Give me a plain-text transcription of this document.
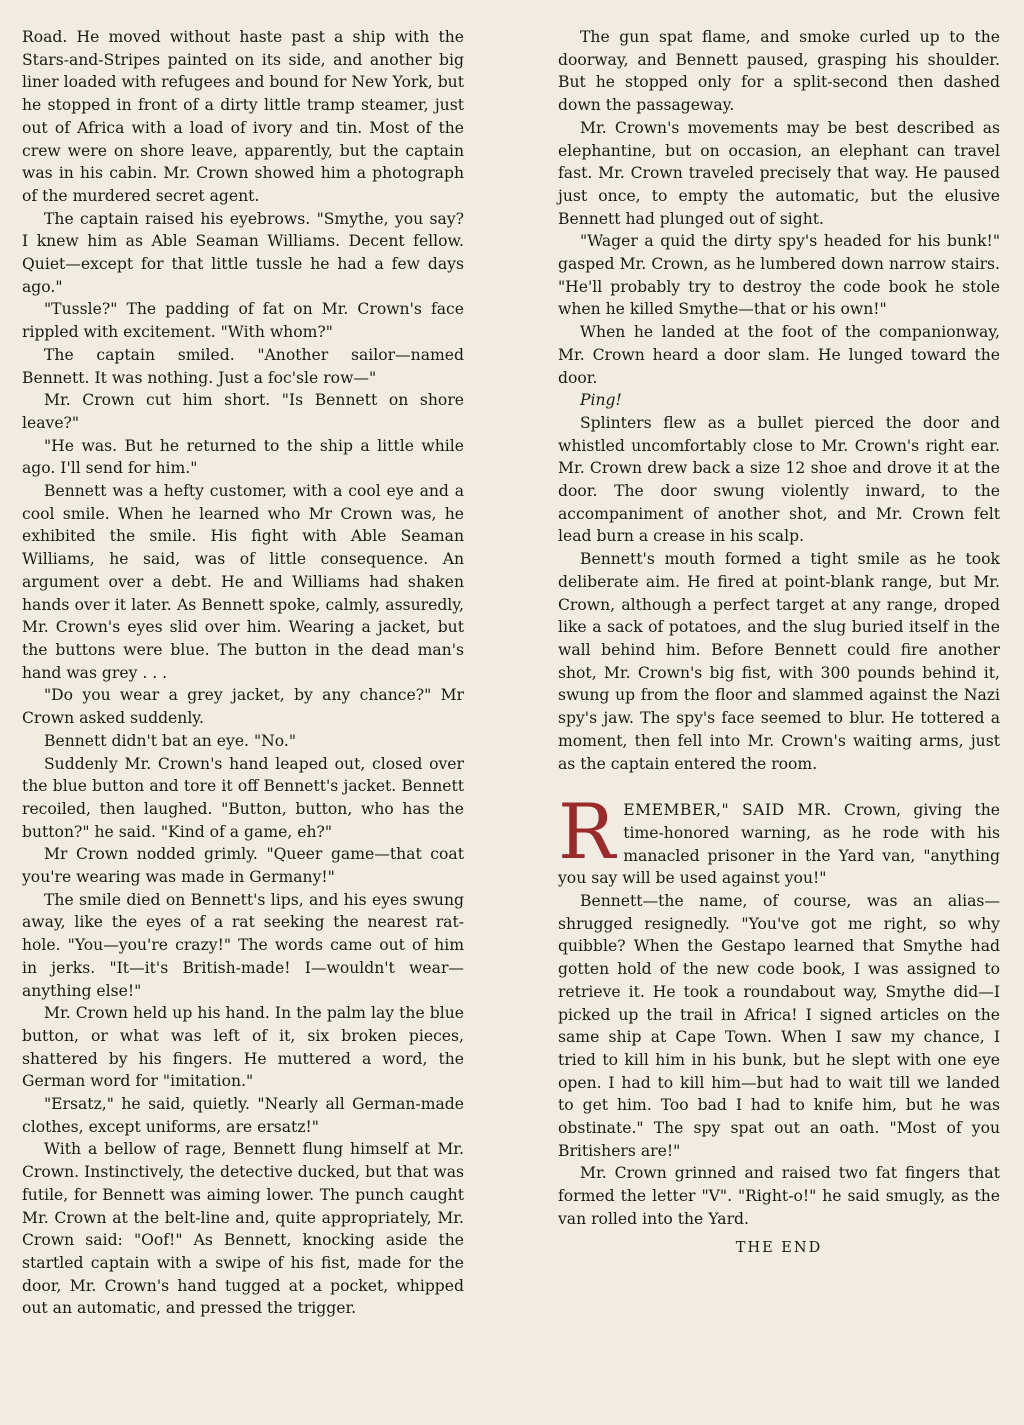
Road. He moved without haste past a ship with the Stars-and-Stripes painted on its side, and another big liner loaded with refugees and bound for New York, but he stopped in front of a dirty little tramp steamer, just out of Africa with a load of ivory and tin. Most of the crew were on shore leave, apparently, but the captain was in his cabin. Mr. Crown showed him a photograph of the murdered secret agent.

The captain raised his eyebrows. "Smythe, you say? I knew him as Able Seaman Williams. Decent fellow. Quiet—except for that little tussle he had a few days ago."

"Tussle?" The padding of fat on Mr. Crown's face rippled with excitement. "With whom?"

The captain smiled. "Another sailor—named Bennett. It was nothing. Just a foc'sle row—"

Mr. Crown cut him short. "Is Bennett on shore leave?"

"He was. But he returned to the ship a little while ago. I'll send for him."

Bennett was a hefty customer, with a cool eye and a cool smile. When he learned who Mr Crown was, he exhibited the smile. His fight with Able Seaman Williams, he said, was of little consequence. An argument over a debt. He and Williams had shaken hands over it later. As Bennett spoke, calmly, assuredly, Mr. Crown's eyes slid over him. Wearing a jacket, but the buttons were blue. The button in the dead man's hand was grey . . .

"Do you wear a grey jacket, by any chance?" Mr Crown asked suddenly.

Bennett didn't bat an eye. "No."

Suddenly Mr. Crown's hand leaped out, closed over the blue button and tore it off Bennett's jacket. Bennett recoiled, then laughed. "Button, button, who has the button?" he said. "Kind of a game, eh?"

Mr Crown nodded grimly. "Queer game—that coat you're wearing was made in Germany!"

The smile died on Bennett's lips, and his eyes swung away, like the eyes of a rat seeking the nearest rat-hole. "You—you're crazy!" The words came out of him in jerks. "It—it's British-made! I—wouldn't wear—anything else!"

Mr. Crown held up his hand. In the palm lay the blue button, or what was left of it, six broken pieces, shattered by his fingers. He muttered a word, the German word for "imitation."

"Ersatz," he said, quietly. "Nearly all German-made clothes, except uniforms, are ersatz!"

With a bellow of rage, Bennett flung himself at Mr. Crown. Instinctively, the detective ducked, but that was futile, for Bennett was aiming lower. The punch caught Mr. Crown at the belt-line and, quite appropriately, Mr. Crown said: "Oof!" As Bennett, knocking aside the startled captain with a swipe of his fist, made for the door, Mr. Crown's hand tugged at a pocket, whipped out an automatic, and pressed the trigger.

The gun spat flame, and smoke curled up to the doorway, and Bennett paused, grasping his shoulder. But he stopped only for a split-second then dashed down the passageway.

Mr. Crown's movements may be best described as elephantine, but on occasion, an elephant can travel fast. Mr. Crown traveled precisely that way. He paused just once, to empty the automatic, but the elusive Bennett had plunged out of sight.

"Wager a quid the dirty spy's headed for his bunk!" gasped Mr. Crown, as he lumbered down narrow stairs. "He'll probably try to destroy the code book he stole when he killed Smythe—that or his own!"

When he landed at the foot of the companionway, Mr. Crown heard a door slam. He lunged toward the door.

Ping!

Splinters flew as a bullet pierced the door and whistled uncomfortably close to Mr. Crown's right ear. Mr. Crown drew back a size 12 shoe and drove it at the door. The door swung violently inward, to the accompaniment of another shot, and Mr. Crown felt lead burn a crease in his scalp.

Bennett's mouth formed a tight smile as he took deliberate aim. He fired at point-blank range, but Mr. Crown, although a perfect target at any range, droped like a sack of potatoes, and the slug buried itself in the wall behind him. Before Bennett could fire another shot, Mr. Crown's big fist, with 300 pounds behind it, swung up from the floor and slammed against the Nazi spy's jaw. The spy's face seemed to blur. He tottered a moment, then fell into Mr. Crown's waiting arms, just as the captain entered the room.

REMEMBER," SAID MR. Crown, giving the time-honored warning, as he rode with his manacled prisoner in the Yard van, "anything you say will be used against you!"

Bennett—the name, of course, was an alias—shrugged resignedly. "You've got me right, so why quibble? When the Gestapo learned that Smythe had gotten hold of the new code book, I was assigned to retrieve it. He took a roundabout way, Smythe did—I picked up the trail in Africa! I signed articles on the same ship at Cape Town. When I saw my chance, I tried to kill him in his bunk, but he slept with one eye open. I had to kill him—but had to wait till we landed to get him. Too bad I had to knife him, but he was obstinate." The spy spat out an oath. "Most of you Britishers are!"

Mr. Crown grinned and raised two fat fingers that formed the letter "V". "Right-o!" he said smugly, as the van rolled into the Yard.

THE END
